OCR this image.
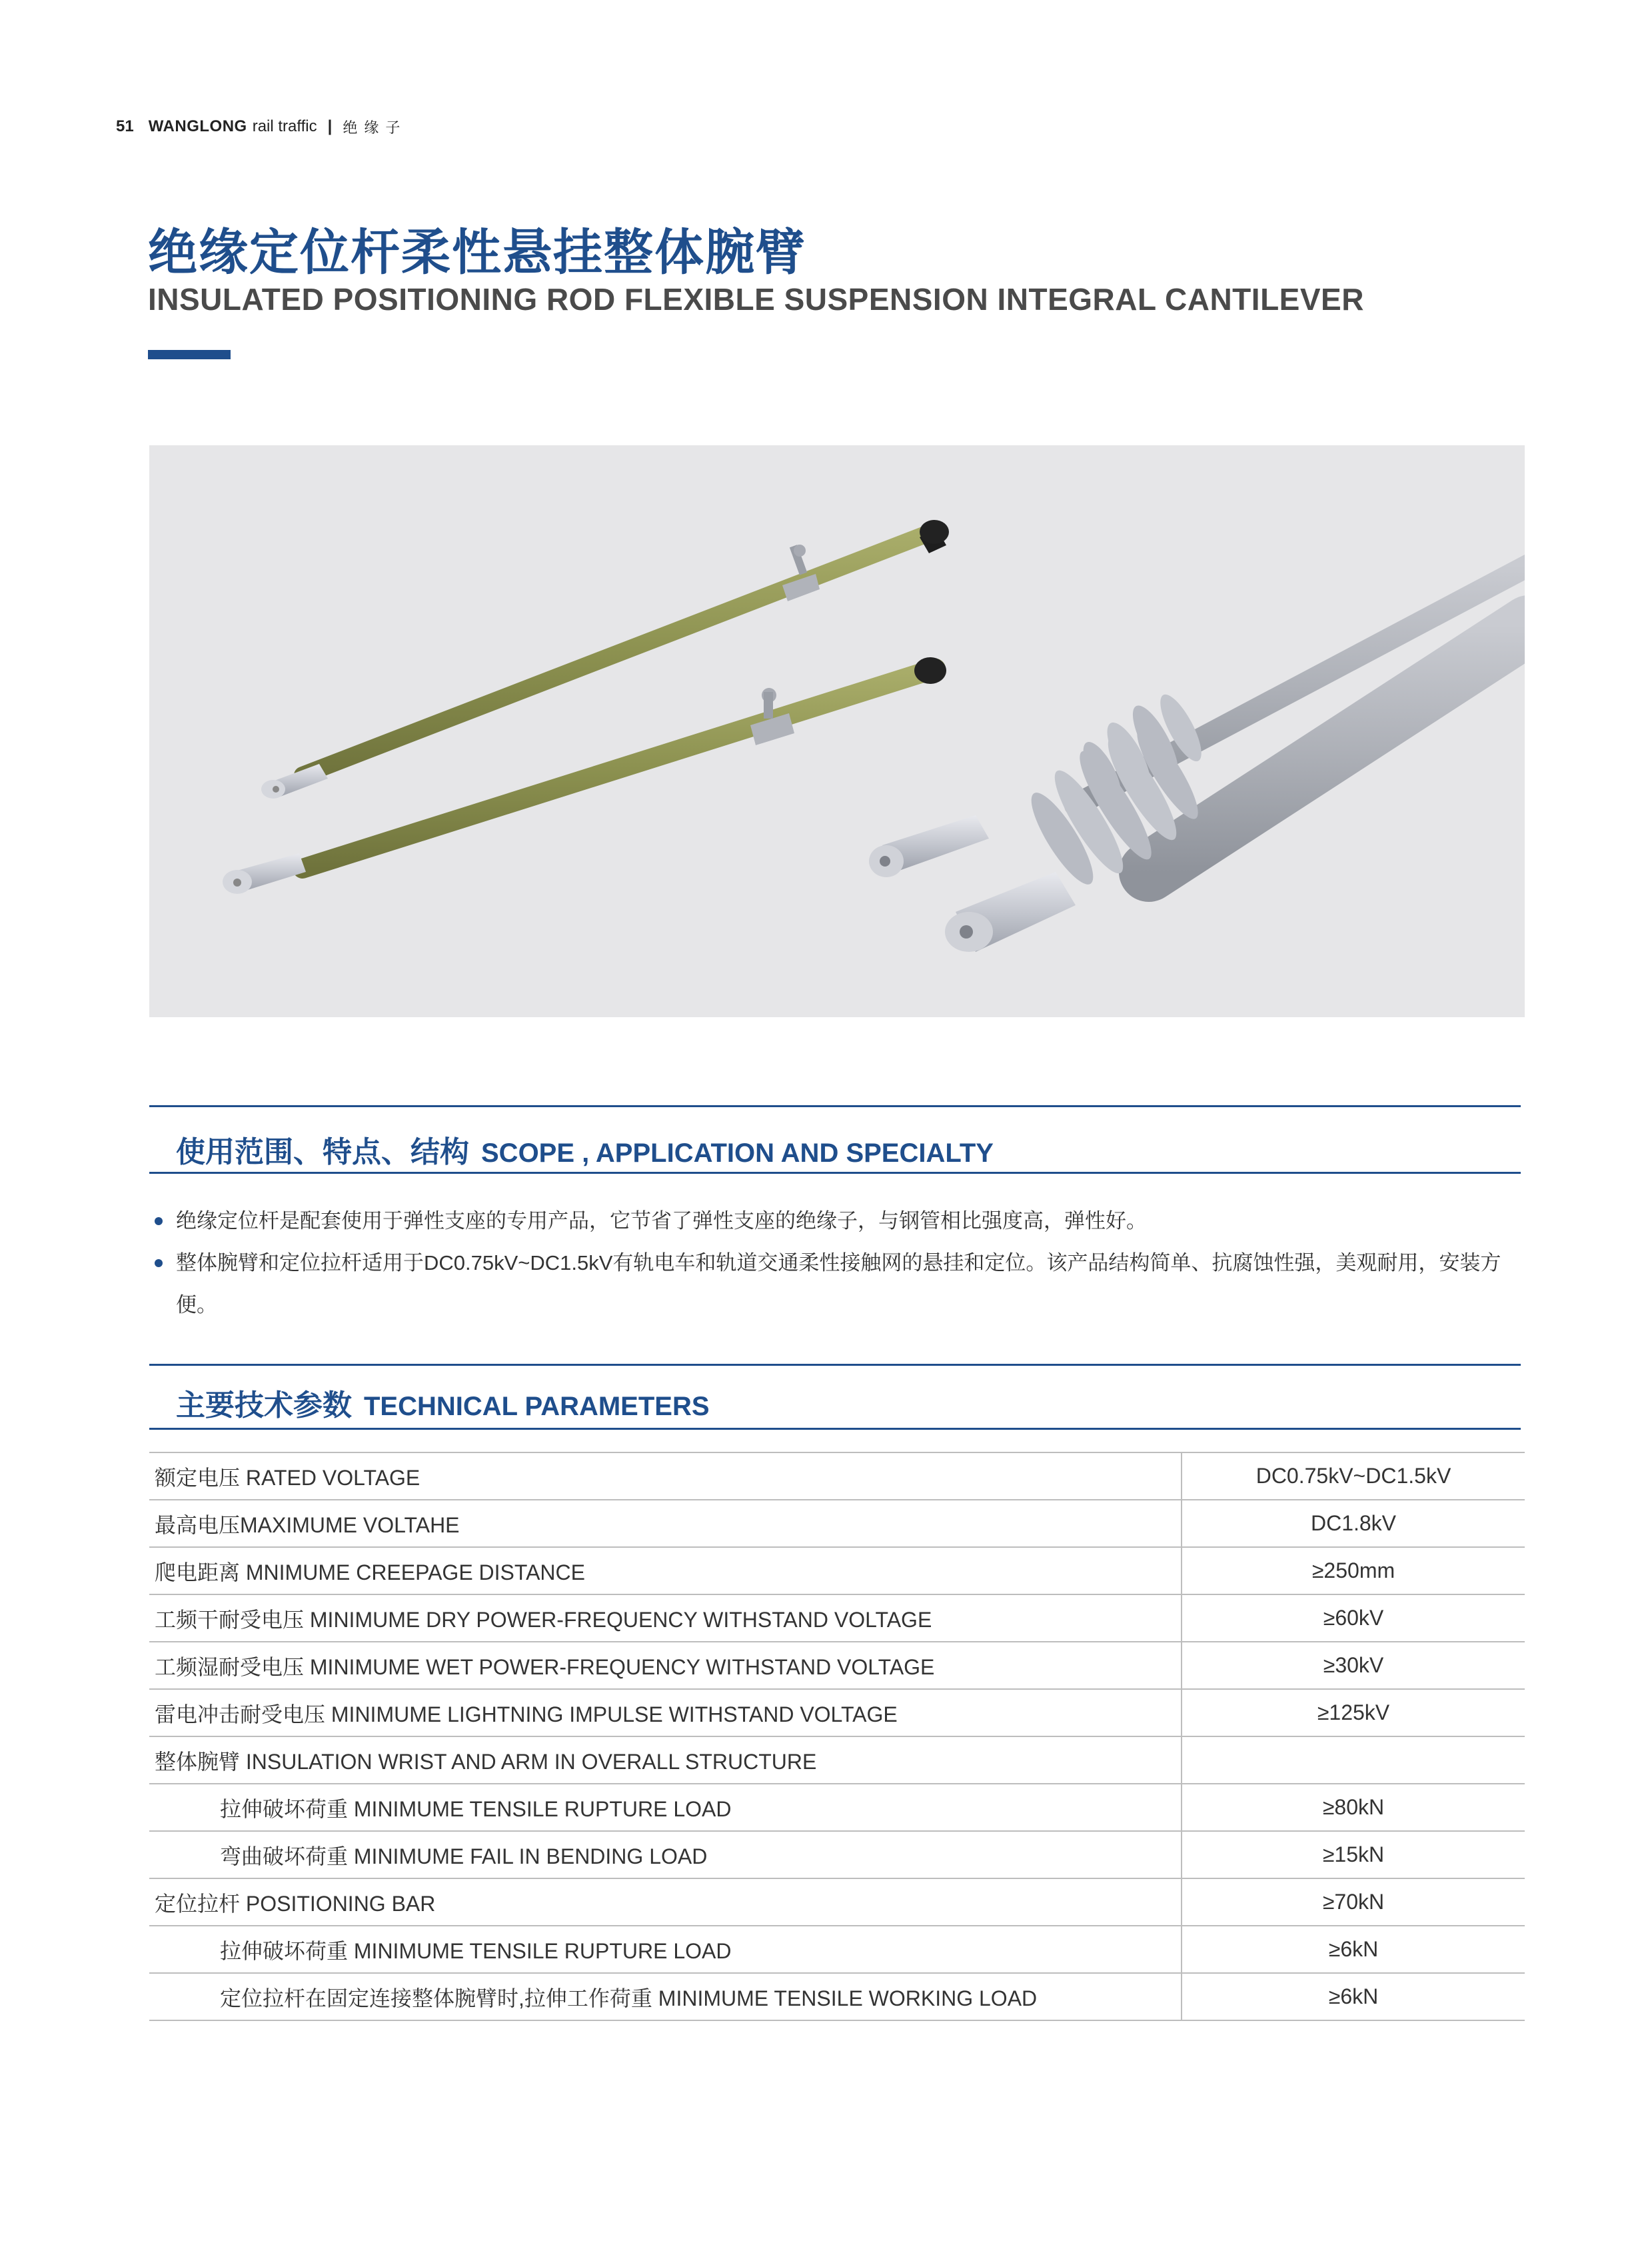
51 WANGLONG rail traffic | 绝缘子
绝缘定位杆柔性悬挂整体腕臂
INSULATED POSITIONING ROD FLEXIBLE SUSPENSION INTEGRAL CANTILEVER
使用范围、特点、结构 SCOPE , APPLICATION AND SPECIALTY
绝缘定位杆是配套使用于弹性支座的专用产品，它节省了弹性支座的绝缘子，与钢管相比强度高，弹性好。
整体腕臂和定位拉杆适用于DC0.75kV~DC1.5kV有轨电车和轨道交通柔性接触网的悬挂和定位。该产品结构简单、抗腐蚀性强，美观耐用，安装方便。
主要技术参数 TECHNICAL PARAMETERS
额定电压 RATED VOLTAGE	DC0.75kV~DC1.5kV
最高电压MAXIMUME VOLTAHE	DC1.8kV
爬电距离 MNIMUME CREEPAGE DISTANCE	≥250mm
工频干耐受电压 MINIMUME DRY POWER-FREQUENCY WITHSTAND VOLTAGE	≥60kV
工频湿耐受电压 MINIMUME WET POWER-FREQUENCY WITHSTAND VOLTAGE	≥30kV
雷电冲击耐受电压 MINIMUME LIGHTNING IMPULSE WITHSTAND VOLTAGE	≥125kV
整体腕臂 INSULATION WRIST AND ARM IN OVERALL STRUCTURE	
拉伸破坏荷重 MINIMUME TENSILE RUPTURE LOAD	≥80kN
弯曲破坏荷重 MINIMUME FAIL IN BENDING LOAD	≥15kN
定位拉杆 POSITIONING BAR	≥70kN
拉伸破坏荷重 MINIMUME TENSILE RUPTURE LOAD	≥6kN
定位拉杆在固定连接整体腕臂时,拉伸工作荷重 MINIMUME TENSILE WORKING LOAD	≥6kN
